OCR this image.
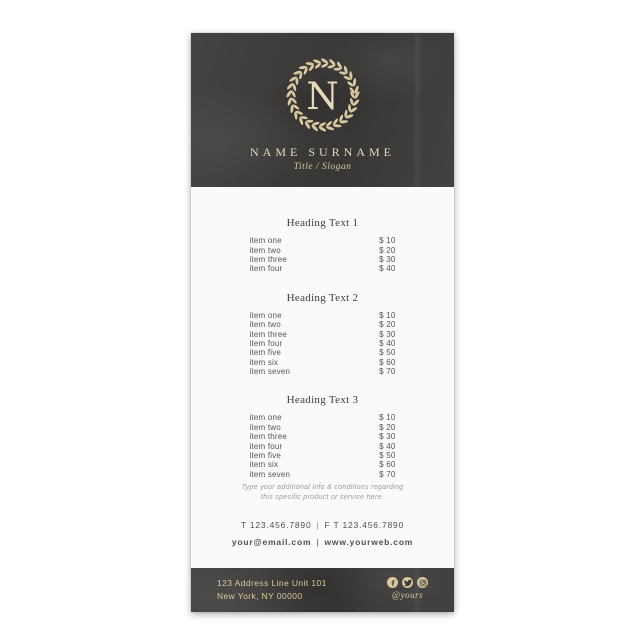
N
NAME SURNAME
Title / Slogan
Heading Text 1
item one	$ 10
item two	$ 20
item three	$ 30
item four	$ 40
Heading Text 2
item one	$ 10
item two	$ 20
item three	$ 30
item four	$ 40
item five	$ 50
item six	$ 60
item seven	$ 70
Heading Text 3
item one	$ 10
item two	$ 20
item three	$ 30
item four	$ 40
item five	$ 50
item six	$ 60
item seven	$ 70
Type your additional info & conditions regarding
this specific product or service here.
T 123.456.7890 | F T 123.456.7890
your@email.com | www.yourweb.com
123 Address Line Unit 101
New York, NY 00000	@yours
